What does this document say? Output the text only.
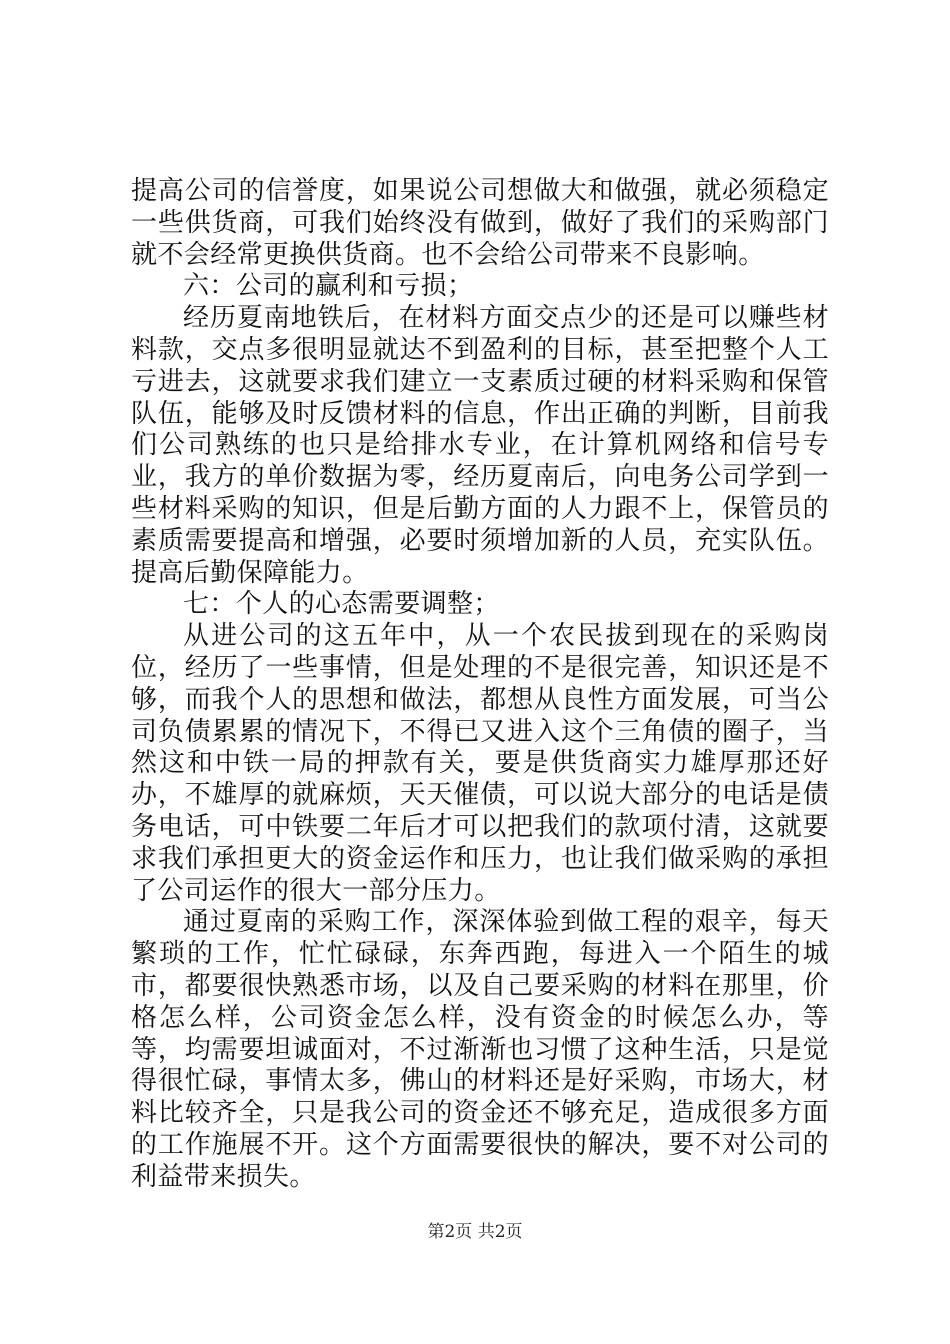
提高公司的信誉度，如果说公司想做大和做强，就必须稳定一些供货商，可我们始终没有做到，做好了我们的采购部门就不会经常更换供货商。也不会给公司带来不良影响。

六：公司的赢利和亏损；

经历夏南地铁后，在材料方面交点少的还是可以赚些材料款，交点多很明显就达不到盈利的目标，甚至把整个人工亏进去，这就要求我们建立一支素质过硬的材料采购和保管队伍，能够及时反馈材料的信息，作出正确的判断，目前我们公司熟练的也只是给排水专业，在计算机网络和信号专业，我方的单价数据为零，经历夏南后，向电务公司学到一些材料采购的知识，但是后勤方面的人力跟不上，保管员的素质需要提高和增强，必要时须增加新的人员，充实队伍。提高后勤保障能力。

七：个人的心态需要调整；

从进公司的这五年中，从一个农民拔到现在的采购岗位，经历了一些事情，但是处理的不是很完善，知识还是不够，而我个人的思想和做法，都想从良性方面发展，可当公司负债累累的情况下，不得已又进入这个三角债的圈子，当然这和中铁一局的押款有关，要是供货商实力雄厚那还好办，不雄厚的就麻烦，天天催债，可以说大部分的电话是债务电话，可中铁要二年后才可以把我们的款项付清，这就要求我们承担更大的资金运作和压力，也让我们做采购的承担了公司运作的很大一部分压力。

通过夏南的采购工作，深深体验到做工程的艰辛，每天繁琐的工作，忙忙碌碌，东奔西跑，每进入一个陌生的城市，都要很快熟悉市场，以及自己要采购的材料在那里，价格怎么样，公司资金怎么样，没有资金的时候怎么办，等等，均需要坦诚面对，不过渐渐也习惯了这种生活，只是觉得很忙碌，事情太多，佛山的材料还是好采购，市场大，材料比较齐全，只是我公司的资金还不够充足，造成很多方面的工作施展不开。这个方面需要很快的解决，要不对公司的利益带来损失。

第2页 共2页
